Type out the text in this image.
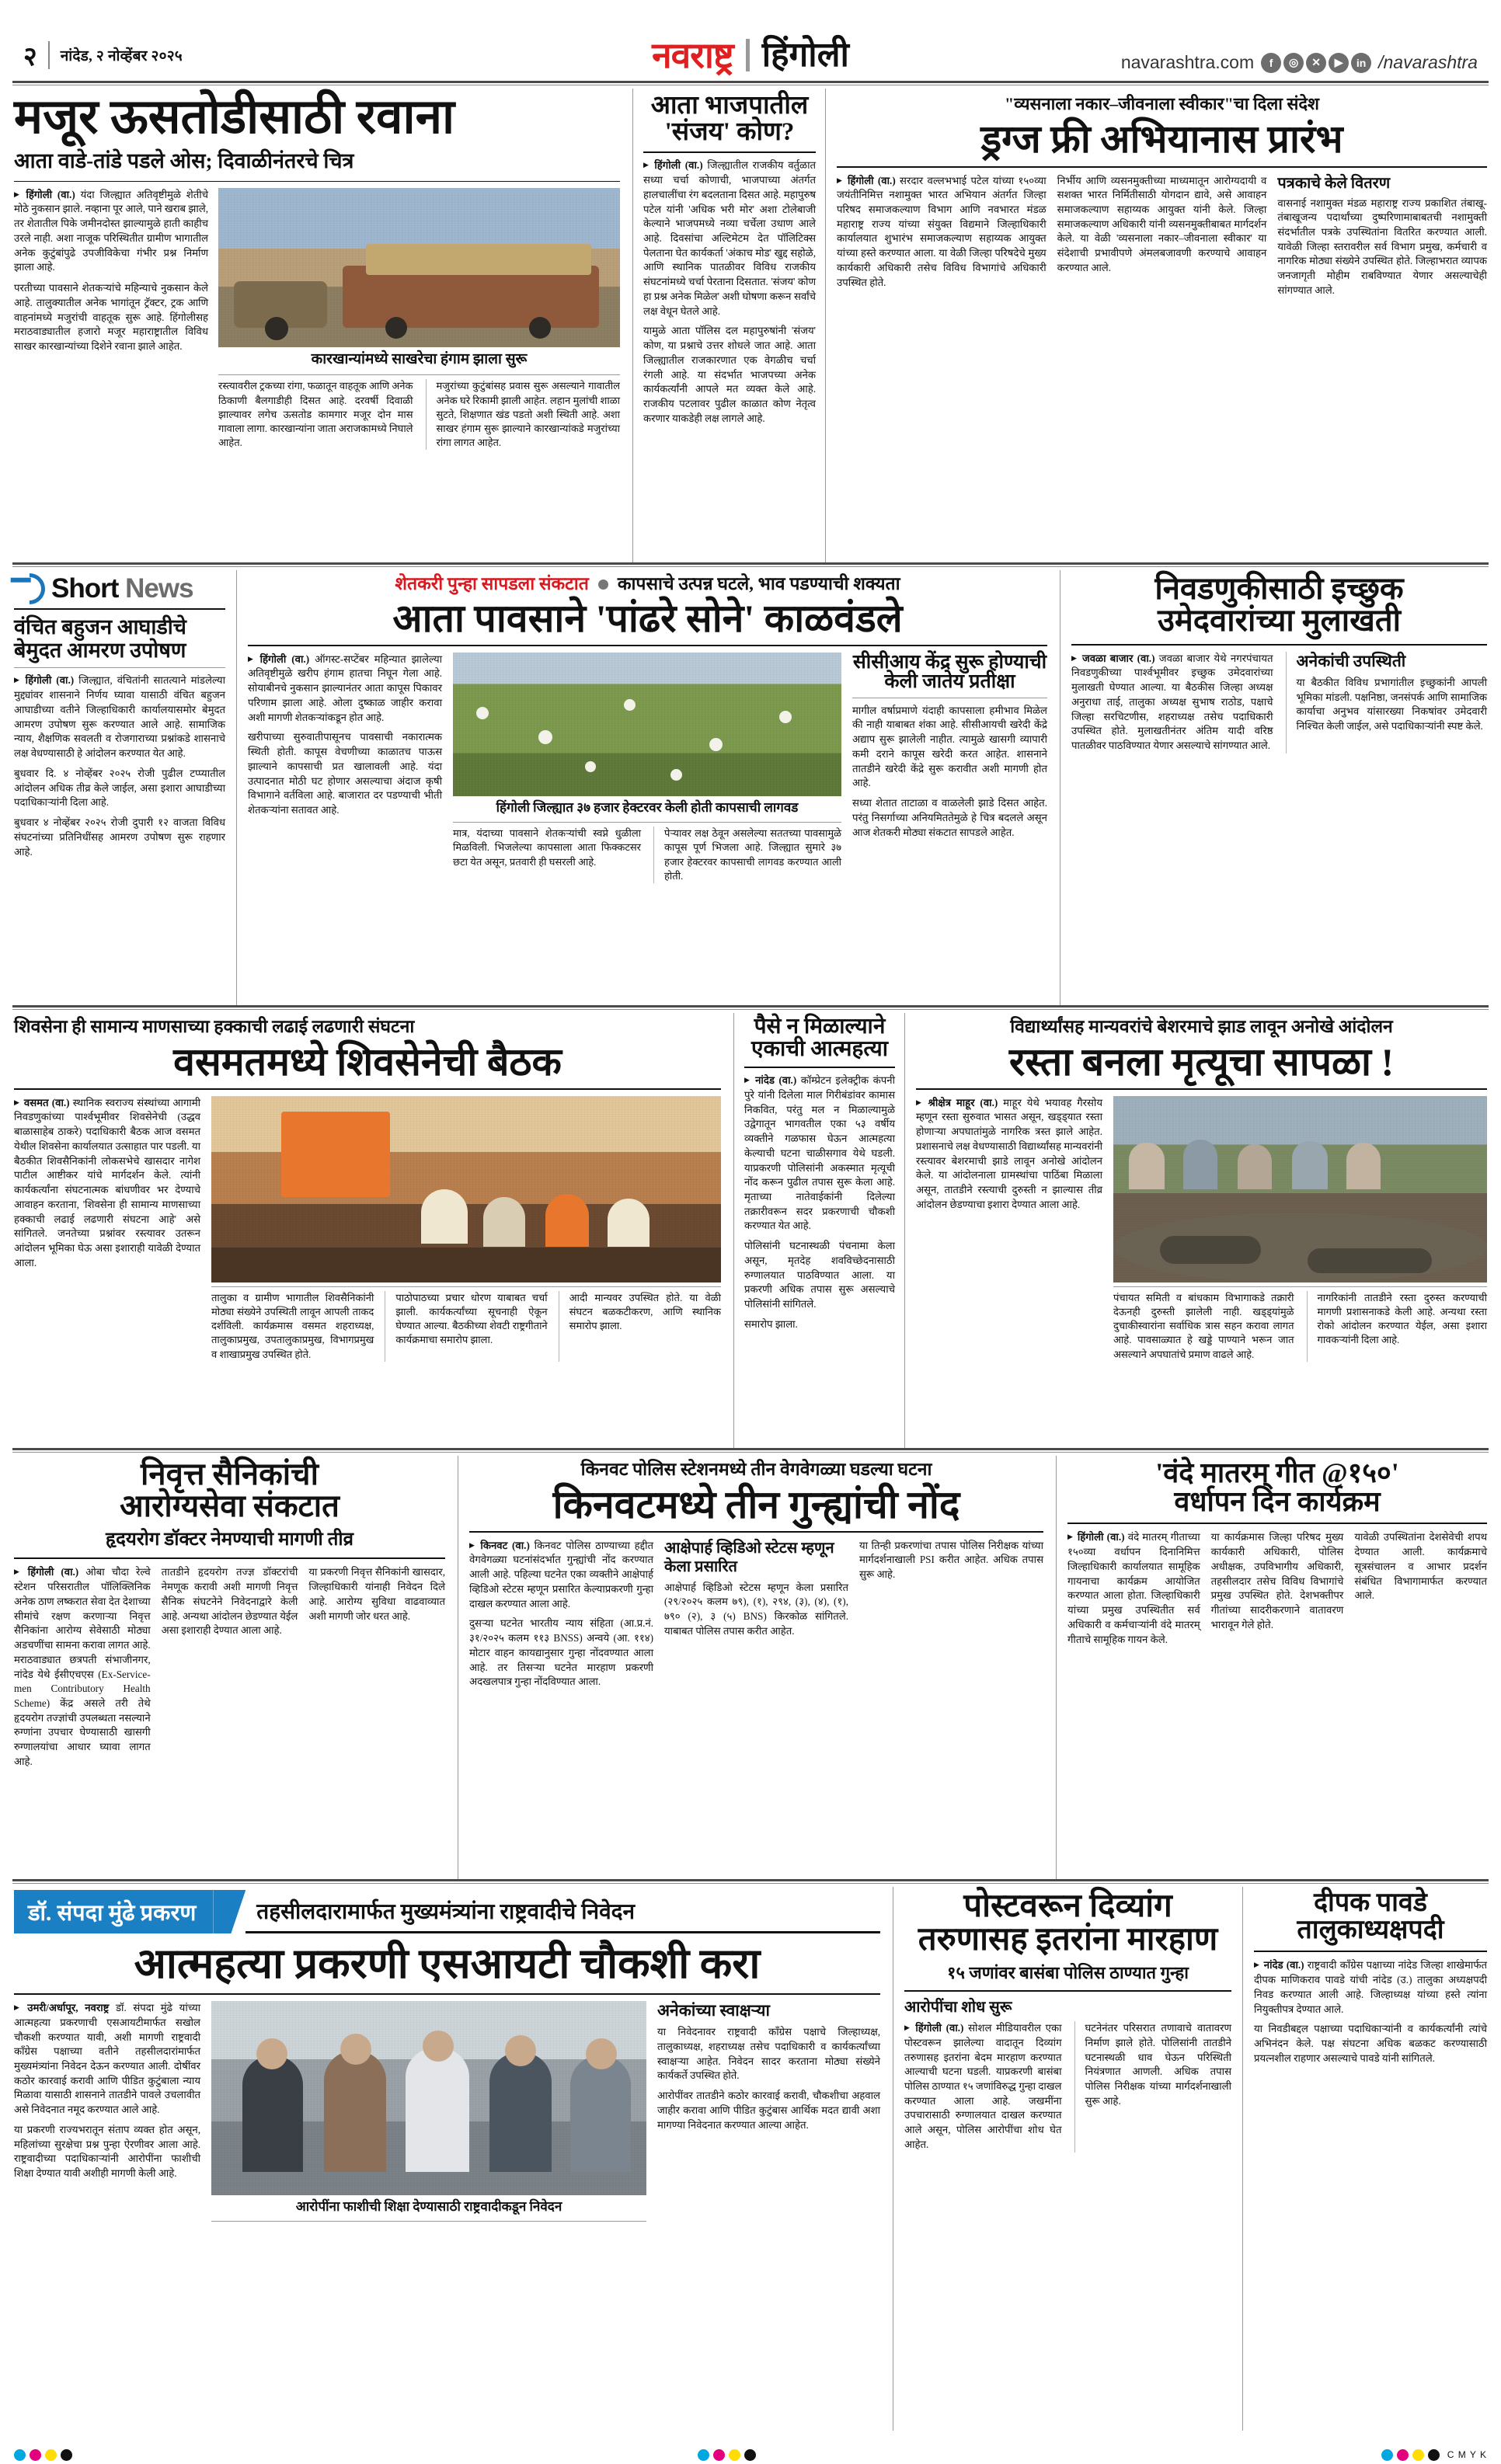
२ नांदेड, २ नोव्हेंबर २०२५	नवराष्ट्र हिंगोली	navarashtra.com	f	◎	✕	▶	in /navarashtra
मजूर ऊसतोडीसाठी रवाना
आता वाडे-तांडे पडले ओस; दिवाळीनंतरचे चित्र
▶ हिंगोली (वा.) यंदा जिल्ह्यात अतिवृष्टीमुळे शेतीचे मोठे नुकसान झाले. नव्हाना पूर आले, पाने खराब झाले, तर शेतातील पिके जमीनदोस्त झाल्यामुळे हाती काहीच उरले नाही. अशा नाजूक परिस्थितीत ग्रामीण भागातील अनेक कुटुंबांपुढे उपजीविकेचा गंभीर प्रश्न निर्माण झाला आहे.
परतीच्या पावसाने शेतकऱ्यांचे महिन्याचे नुकसान केले आहे. तालुक्यातील अनेक भागांतून ट्रॅक्टर, ट्रक आणि वाहनांमध्ये मजुरांची वाहतूक सुरू आहे. हिंगोलीसह मराठवाड्यातील हजारो मजूर महाराष्ट्रातील विविध साखर कारखान्यांच्या दिशेने रवाना झाले आहेत.
कारखान्यांमध्ये साखरेचा हंगाम झाला सुरू
रस्त्यावरील ट्रकच्या रांगा, फळातून वाहतूक आणि अनेक ठिकाणी बैलगाडीही दिसत आहे. दरवर्षी दिवाळी झाल्यावर लगेच ऊसतोड कामगार मजूर दोन मास गावाला लागा. कारखान्यांना जाता अराजकामध्ये निघाले आहेत.
मजुरांच्या कुटुंबांसह प्रवास सुरू असल्याने गावातील अनेक घरे रिकामी झाली आहेत. लहान मुलांची शाळा सुटते, शिक्षणात खंड पडतो अशी स्थिती आहे. अशा साखर हंगाम सुरू झाल्याने कारखान्यांकडे मजुरांच्या रांगा लागत आहेत.
आता भाजपातील
'संजय' कोण?
▶ हिंगोली (वा.) जिल्ह्यातील राजकीय वर्तुळात सध्या चर्चा कोणाची, भाजपाच्या अंतर्गत हालचालींचा रंग बदलताना दिसत आहे. महापुरुष पटेल यांनी 'अधिक भरी मोर' अशा टोलेबाजी केल्याने भाजपमध्ये नव्या चर्चेला उधाण आले आहे. दिवसांचा अल्टिमेटम देत पॉलिटिक्स पेलताना घेत कार्यकर्ता 'अंकाच मोड' खुद्द सहोळे, आणि स्थानिक पातळीवर विविध राजकीय संघटनांमध्ये चर्चा पेरताना दिसतात. 'संजय' कोण हा प्रश्न अनेक मिळेल' अशी घोषणा करून सर्वांचे लक्ष वेधून घेतले आहे.
यामुळे आता पॉलिस दल महापुरुषांनी 'संजय' कोण, या प्रश्नाचे उत्तर शोधले जात आहे. आता जिल्ह्यातील राजकारणात एक वेगळीच चर्चा रंगली आहे. या संदर्भात भाजपच्या अनेक कार्यकर्त्यांनी आपले मत व्यक्त केले आहे. राजकीय पटलावर पुढील काळात कोण नेतृत्व करणार याकडेही लक्ष लागले आहे.
"व्यसनाला नकार–जीवनाला स्वीकार"चा दिला संदेश
ड्रग्ज फ्री अभियानास प्रारंभ
▶ हिंगोली (वा.) सरदार वल्लभभाई पटेल यांच्या १५०व्या जयंतीनिमित्त नशामुक्त भारत अभियान अंतर्गत जिल्हा परिषद समाजकल्याण विभाग आणि नवभारत मंडळ महाराष्ट्र राज्य यांच्या संयुक्त विद्यमाने जिल्हाधिकारी कार्यालयात शुभारंभ समाजकल्याण सहाय्यक आयुक्त यांच्या हस्ते करण्यात आला. या वेळी जिल्हा परिषदेचे मुख्य कार्यकारी अधिकारी तसेच विविध विभागांचे अधिकारी उपस्थित होते.
निर्भीय आणि व्यसनमुक्तीच्या माध्यमातून आरोग्यदायी व सशक्त भारत निर्मितीसाठी योगदान द्यावे, असे आवाहन समाजकल्याण सहाय्यक आयुक्त यांनी केले. जिल्हा समाजकल्याण अधिकारी यांनी व्यसनमुक्तीबाबत मार्गदर्शन केले. या वेळी 'व्यसनाला नकार–जीवनाला स्वीकार' या संदेशाची प्रभावीपणे अंमलबजावणी करण्याचे आवाहन करण्यात आले.
पत्रकाचे केले वितरण
वासनाई नशामुक्त मंडळ महाराष्ट्र राज्य प्रकाशित तंबाखू-तंबाखूजन्य पदार्थांच्या दुष्परिणामाबाबतची नशामुक्ती संदर्भातील पत्रके उपस्थितांना वितरित करण्यात आली. यावेळी जिल्हा स्तरावरील सर्व विभाग प्रमुख, कर्मचारी व नागरिक मोठ्या संख्येने उपस्थित होते. जिल्हाभरात व्यापक जनजागृती मोहीम राबविण्यात येणार असल्याचेही सांगण्यात आले.
Short News
वंचित बहुजन आघाडीचे बेमुदत आमरण उपोषण
▶ हिंगोली (वा.) जिल्ह्यात, वंचितांनी सातत्याने मांडलेल्या मुद्द्यांवर शासनाने निर्णय घ्यावा यासाठी वंचित बहुजन आघाडीच्या वतीने जिल्हाधिकारी कार्यालयासमोर बेमुदत आमरण उपोषण सुरू करण्यात आले आहे. सामाजिक न्याय, शैक्षणिक सवलती व रोजगाराच्या प्रश्नांकडे शासनाचे लक्ष वेधण्यासाठी हे आंदोलन करण्यात येत आहे.
बुधवार दि. ४ नोव्हेंबर २०२५ रोजी पुढील टप्प्यातील आंदोलन अधिक तीव्र केले जाईल, असा इशारा आघाडीच्या पदाधिकाऱ्यांनी दिला आहे.
बुधवार ४ नोव्हेंबर २०२५ रोजी दुपारी १२ वाजता विविध संघटनांच्या प्रतिनिधींसह आमरण उपोषण सुरू राहणार आहे.
शेतकरी पुन्हा सापडला संकटात कापसाचे उत्पन्न घटले, भाव पडण्याची शक्यता
आता पावसाने 'पांढरे सोने' काळवंडले
▶ हिंगोली (वा.) ऑगस्ट-सप्टेंबर महिन्यात झालेल्या अतिवृष्टीमुळे खरीप हंगाम हातचा निघून गेला आहे. सोयाबीनचे नुकसान झाल्यानंतर आता कापूस पिकावर परिणाम झाला आहे. ओला दुष्काळ जाहीर करावा अशी मागणी शेतकऱ्यांकडून होत आहे.
खरीपाच्या सुरुवातीपासूनच पावसाची नकारात्मक स्थिती होती. कापूस वेचणीच्या काळातच पाऊस झाल्याने कापसाची प्रत खालावली आहे. यंदा उत्पादनात मोठी घट होणार असल्याचा अंदाज कृषी विभागाने वर्तविला आहे. बाजारात दर पडण्याची भीती शेतकऱ्यांना सतावत आहे.	हिंगोली जिल्ह्यात ३७ हजार हेक्टरवर केली होती कापसाची लागवड
मात्र, यंदाच्या पावसाने शेतकऱ्यांची स्वप्ने धुळीला मिळविली. भिजलेल्या कापसाला आता फिक्कटसर छटा येत असून, प्रतवारी ही घसरली आहे.
पेऱ्यावर लक्ष ठेवून असलेल्या सततच्या पावसामुळे कापूस पूर्ण भिजला आहे. जिल्ह्यात सुमारे ३७ हजार हेक्टरवर कापसाची लागवड करण्यात आली होती.
सीसीआय केंद्र सुरू होण्याची
केली जातेय प्रतीक्षा
मागील वर्षाप्रमाणे यंदाही कापसाला हमीभाव मिळेल की नाही याबाबत शंका आहे. सीसीआयची खरेदी केंद्रे अद्याप सुरू झालेली नाहीत. त्यामुळे खासगी व्यापारी कमी दराने कापूस खरेदी करत आहेत. शासनाने तातडीने खरेदी केंद्रे सुरू करावीत अशी मागणी होत आहे.
सध्या शेतात ताटाळा व वाळलेली झाडे दिसत आहेत. परंतु निसर्गाच्या अनियमिततेमुळे हे चित्र बदलले असून आज शेतकरी मोठ्या संकटात सापडले आहेत.
निवडणुकीसाठी इच्छुक
उमेदवारांच्या मुलाखती
▶ जवळा बाजार (वा.) जवळा बाजार येथे नगरपंचायत निवडणुकीच्या पार्श्वभूमीवर इच्छुक उमेदवारांच्या मुलाखती घेण्यात आल्या. या बैठकीस जिल्हा अध्यक्ष अनुराधा ताई, तालुका अध्यक्ष सुभाष राठोड, पक्षाचे जिल्हा सरचिटणीस, शहराध्यक्ष तसेच पदाधिकारी उपस्थित होते. मुलाखतीनंतर अंतिम यादी वरिष्ठ पातळीवर पाठविण्यात येणार असल्याचे सांगण्यात आले.
अनेकांची उपस्थिती
या बैठकीत विविध प्रभागांतील इच्छुकांनी आपली भूमिका मांडली. पक्षनिष्ठा, जनसंपर्क आणि सामाजिक कार्याचा अनुभव यांसारख्या निकषांवर उमेदवारी निश्चित केली जाईल, असे पदाधिकाऱ्यांनी स्पष्ट केले.
शिवसेना ही सामान्य माणसाच्या हक्काची लढाई लढणारी संघटना
वसमतमध्ये शिवसेनेची बैठक
▶ वसमत (वा.) स्थानिक स्वराज्य संस्थांच्या आगामी निवडणुकांच्या पार्श्वभूमीवर शिवसेनेची (उद्धव बाळासाहेब ठाकरे) पदाधिकारी बैठक आज वसमत येथील शिवसेना कार्यालयात उत्साहात पार पडली. या बैठकीत शिवसैनिकांनी लोकसभेचे खासदार नागेश पाटील आष्टीकर यांचे मार्गदर्शन केले. त्यांनी कार्यकर्त्यांना संघटनात्मक बांधणीवर भर देण्याचे आवाहन करताना, 'शिवसेना ही सामान्य माणसाच्या हक्काची लढाई लढणारी संघटना आहे' असे सांगितले. जनतेच्या प्रश्नांवर रस्त्यावर उतरून आंदोलन भूमिका घेऊ असा इशाराही यावेळी देण्यात आला.
तालुका व ग्रामीण भागातील शिवसैनिकांनी मोठ्या संख्येने उपस्थिती लावून आपली ताकद दर्शविली. कार्यक्रमास वसमत शहराध्यक्ष, तालुकाप्रमुख, उपतालुकाप्रमुख, विभागप्रमुख व शाखाप्रमुख उपस्थित होते.
पाठोपाठच्या प्रचार धोरण याबाबत चर्चा झाली. कार्यकर्त्यांच्या सूचनाही ऐकून घेण्यात आल्या. बैठकीच्या शेवटी राष्ट्रगीताने कार्यक्रमाचा समारोप झाला.
आदी मान्यवर उपस्थित होते. या वेळी संघटन बळकटीकरण, आणि स्थानिक समारोप झाला.
पैसे न मिळाल्याने
एकाची आत्महत्या
▶ नांदेड (वा.) कॉम्प्रेटन इलेक्ट्रीक कंपनी पुरे यांनी दिलेला माल गिरीबंडांवर कामास निकवित, परंतु मल न मिळाल्यामुळे उद्वेगातून भागवतील एका ५३ वर्षीय व्यक्तीने गळफास घेऊन आत्महत्या केल्याची घटना चाळीसगाव येथे घडली. याप्रकरणी पोलिसांनी अकस्मात मृत्यूची नोंद करून पुढील तपास सुरू केला आहे. मृताच्या नातेवाईकांनी दिलेल्या तक्रारीवरून सदर प्रकरणाची चौकशी करण्यात येत आहे.
पोलिसांनी घटनास्थळी पंचनामा केला असून, मृतदेह शवविच्छेदनासाठी रुग्णालयात पाठविण्यात आला. या प्रकरणी अधिक तपास सुरू असल्याचे पोलिसांनी सांगितले.
समारोप झाला.
विद्यार्थ्यांसह मान्यवरांचे बेशरमाचे झाड लावून अनोखे आंदोलन
रस्ता बनला मृत्यूचा सापळा !
▶ श्रीक्षेत्र माहूर (वा.) माहूर येथे भयावह गैरसोय म्हणून रस्ता सुरुवात भासत असून, खड्ड्यात रस्ता होणाऱ्या अपघातांमुळे नागरिक त्रस्त झाले आहेत. प्रशासनाचे लक्ष वेधण्यासाठी विद्यार्थ्यांसह मान्यवरांनी रस्त्यावर बेशरमाची झाडे लावून अनोखे आंदोलन केले. या आंदोलनाला ग्रामस्थांचा पाठिंबा मिळाला असून, तातडीने रस्त्याची दुरुस्ती न झाल्यास तीव्र आंदोलन छेडण्याचा इशारा देण्यात आला आहे.
पंचायत समिती व बांधकाम विभागाकडे तक्रारी देऊनही दुरुस्ती झालेली नाही. खड्ड्यांमुळे दुचाकीस्वारांना सर्वाधिक त्रास सहन करावा लागत आहे. पावसाळ्यात हे खड्डे पाण्याने भरून जात असल्याने अपघातांचे प्रमाण वाढले आहे.
नागरिकांनी तातडीने रस्ता दुरुस्त करण्याची मागणी प्रशासनाकडे केली आहे. अन्यथा रस्ता रोको आंदोलन करण्यात येईल, असा इशारा गावकऱ्यांनी दिला आहे.
निवृत्त सैनिकांची
आरोग्यसेवा संकटात
हृदयरोग डॉक्टर नेमण्याची मागणी तीव्र
▶ हिंगोली (वा.) ओबा चौदा रेल्वे स्टेशन परिसरातील पॉलिक्लिनिक अनेक ठाण लष्करात सेवा देत देशाच्या सीमांचे रक्षण करणाऱ्या निवृत्त सैनिकांना आरोग्य सेवेसाठी मोठ्या अडचणींचा सामना करावा लागत आहे. मराठवाड्यात छत्रपती संभाजीनगर, नांदेड येथे ईसीएचएस (Ex-Service-men Contributory Health Scheme) केंद्र असले तरी तेथे हृदयरोग तज्ज्ञांची उपलब्धता नसल्याने रुग्णांना उपचार घेण्यासाठी खासगी रुग्णालयांचा आधार घ्यावा लागत आहे.
तातडीने हृदयरोग तज्ज्ञ डॉक्टरांची नेमणूक करावी अशी मागणी निवृत्त सैनिक संघटनेने निवेदनाद्वारे केली आहे. अन्यथा आंदोलन छेडण्यात येईल असा इशाराही देण्यात आला आहे.
या प्रकरणी निवृत्त सैनिकांनी खासदार, जिल्हाधिकारी यांनाही निवेदन दिले आहे. आरोग्य सुविधा वाढवाव्यात अशी मागणी जोर धरत आहे.
किनवट पोलिस स्टेशनमध्ये तीन वेगवेगळ्या घडल्या घटना
किनवटमध्ये तीन गुन्ह्यांची नोंद
▶ किनवट (वा.) किनवट पोलिस ठाण्याच्या हद्दीत वेगवेगळ्या घटनांसंदर्भात गुन्ह्यांची नोंद करण्यात आली आहे. पहिल्या घटनेत एका व्यक्तीने आक्षेपार्ह व्हिडिओ स्टेटस म्हणून प्रसारित केल्याप्रकरणी गुन्हा दाखल करण्यात आला आहे.
दुसऱ्या घटनेत भारतीय न्याय संहिता (आ.प्र.नं. ३१/२०२५ कलम ११३ BNSS) अन्वये (आ. ११४) मोटार वाहन कायद्यानुसार गुन्हा नोंदवण्यात आला आहे. तर तिसऱ्या घटनेत मारहाण प्रकरणी अदखलपात्र गुन्हा नोंदविण्यात आला.
आक्षेपार्ह व्हिडिओ स्टेटस म्हणून केला प्रसारित
आक्षेपार्ह व्हिडिओ स्टेटस म्हणून केला प्रसारित (२९/२०२५ कलम ७९), (१), २९४, (३), (४), (१), ७९० (२), ३ (५) BNS) किरकोळ सांगितले. याबाबत पोलिस तपास करीत आहेत.
या तिन्ही प्रकरणांचा तपास पोलिस निरीक्षक यांच्या मार्गदर्शनाखाली PSI करीत आहेत. अधिक तपास सुरू आहे.
'वंदे मातरम् गीत @१५०'
वर्धापन दिन कार्यक्रम
▶ हिंगोली (वा.) वंदे मातरम् गीताच्या १५०व्या वर्धापन दिनानिमित्त जिल्हाधिकारी कार्यालयात सामूहिक गायनाचा कार्यक्रम आयोजित करण्यात आला होता. जिल्हाधिकारी यांच्या प्रमुख उपस्थितीत सर्व अधिकारी व कर्मचाऱ्यांनी वंदे मातरम् गीताचे सामूहिक गायन केले.
या कार्यक्रमास जिल्हा परिषद मुख्य कार्यकारी अधिकारी, पोलिस अधीक्षक, उपविभागीय अधिकारी, तहसीलदार तसेच विविध विभागांचे प्रमुख उपस्थित होते. देशभक्तीपर गीतांच्या सादरीकरणाने वातावरण भारावून गेले होते.
यावेळी उपस्थितांना देशसेवेची शपथ देण्यात आली. कार्यक्रमाचे सूत्रसंचालन व आभार प्रदर्शन संबंधित विभागामार्फत करण्यात आले.
डॉ. संपदा मुंढे प्रकरण	तहसीलदारामार्फत मुख्यमंत्र्यांना राष्ट्रवादीचे निवेदन
आत्महत्या प्रकरणी एसआयटी चौकशी करा
▶ उमरी/अर्धापूर, नवराष्ट्र डॉ. संपदा मुंढे यांच्या आत्महत्या प्रकरणाची एसआयटीमार्फत सखोल चौकशी करण्यात यावी, अशी मागणी राष्ट्रवादी काँग्रेस पक्षाच्या वतीने तहसीलदारांमार्फत मुख्यमंत्र्यांना निवेदन देऊन करण्यात आली. दोषींवर कठोर कारवाई करावी आणि पीडित कुटुंबाला न्याय मिळावा यासाठी शासनाने तातडीने पावले उचलावीत असे निवेदनात नमूद करण्यात आले आहे.
या प्रकरणी राज्यभरातून संताप व्यक्त होत असून, महिलांच्या सुरक्षेचा प्रश्न पुन्हा ऐरणीवर आला आहे. राष्ट्रवादीच्या पदाधिकाऱ्यांनी आरोपींना फाशीची शिक्षा देण्यात यावी अशीही मागणी केली आहे.
आरोपींना फाशीची शिक्षा देण्यासाठी राष्ट्रवादीकडून निवेदन
अनेकांच्या स्वाक्षऱ्या
या निवेदनावर राष्ट्रवादी काँग्रेस पक्षाचे जिल्हाध्यक्ष, तालुकाध्यक्ष, शहराध्यक्ष तसेच पदाधिकारी व कार्यकर्त्यांच्या स्वाक्षऱ्या आहेत. निवेदन सादर करताना मोठ्या संख्येने कार्यकर्ते उपस्थित होते.
आरोपींवर तातडीने कठोर कारवाई करावी, चौकशीचा अहवाल जाहीर करावा आणि पीडित कुटुंबास आर्थिक मदत द्यावी अशा मागण्या निवेदनात करण्यात आल्या आहेत.
पोस्टवरून दिव्यांग
तरुणासह इतरांना मारहाण
१५ जणांवर बासंबा पोलिस ठाण्यात गुन्हा
आरोपींचा शोध सुरू
▶ हिंगोली (वा.) सोशल मीडियावरील एका पोस्टवरून झालेल्या वादातून दिव्यांग तरुणासह इतरांना बेदम मारहाण करण्यात आल्याची घटना घडली. याप्रकरणी बासंबा पोलिस ठाण्यात १५ जणांविरुद्ध गुन्हा दाखल करण्यात आला आहे. जखमींना उपचारासाठी रुग्णालयात दाखल करण्यात आले असून, पोलिस आरोपींचा शोध घेत आहेत.
घटनेनंतर परिसरात तणावाचे वातावरण निर्माण झाले होते. पोलिसांनी तातडीने घटनास्थळी धाव घेऊन परिस्थिती नियंत्रणात आणली. अधिक तपास पोलिस निरीक्षक यांच्या मार्गदर्शनाखाली सुरू आहे.
दीपक पावडे
तालुकाध्यक्षपदी
▶ नांदेड (वा.) राष्ट्रवादी काँग्रेस पक्षाच्या नांदेड जिल्हा शाखेमार्फत दीपक माणिकराव पावडे यांची नांदेड (उ.) तालुका अध्यक्षपदी निवड करण्यात आली आहे. जिल्हाध्यक्ष यांच्या हस्ते त्यांना नियुक्तीपत्र देण्यात आले.
या निवडीबद्दल पक्षाच्या पदाधिकाऱ्यांनी व कार्यकर्त्यांनी त्यांचे अभिनंदन केले. पक्ष संघटना अधिक बळकट करण्यासाठी प्रयत्नशील राहणार असल्याचे पावडे यांनी सांगितले.
C M Y K
